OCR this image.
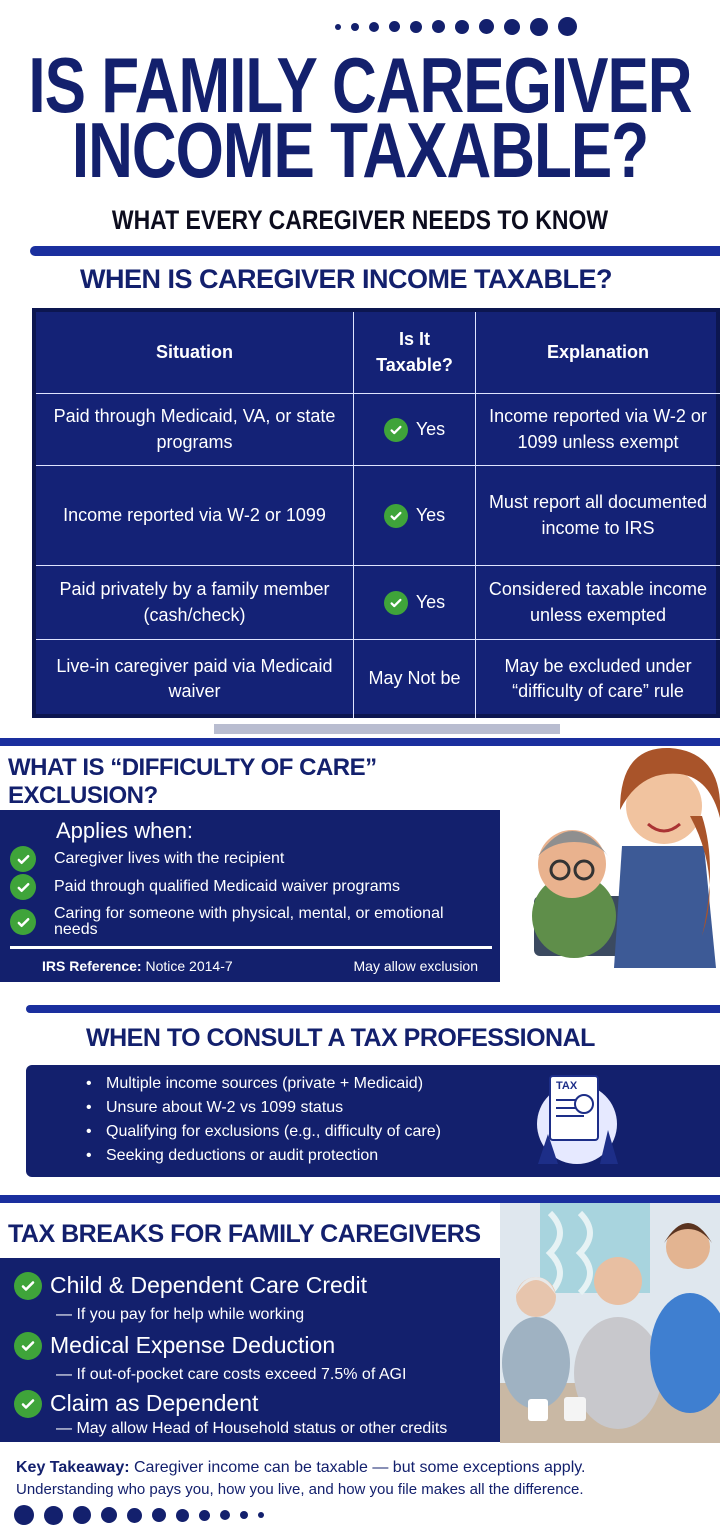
IS FAMILY CAREGIVER
INCOME TAXABLE?
WHAT EVERY CAREGIVER NEEDS TO KNOW
WHEN IS CAREGIVER INCOME TAXABLE?
Situation
Is It Taxable?
Explanation
Paid through Medicaid, VA, or state programs
Yes
Income reported via W-2 or 1099 unless exempt
Income reported via W-2 or 1099	Yes
Must report all documented income to IRS
Paid privately by a family member (cash/check)
Yes
Considered taxable income unless exempted
Live-in caregiver paid via Medicaid waiver
May Not be
May be excluded under “difficulty of care” rule
WHAT IS “DIFFICULTY OF CARE”
EXCLUSION?
Applies when:
Caregiver lives with the recipient
Paid through qualified Medicaid waiver programs
Caring for someone with physical, mental, or emotional needs
IRS Reference: Notice 2014-7	May allow exclusion
WHEN TO CONSULT A TAX PROFESSIONAL
• Multiple income sources (private + Medicaid)
• Unsure about W-2 vs 1099 status
• Qualifying for exclusions (e.g., difficulty of care)
• Seeking deductions or audit protection
TAX
TAX BREAKS FOR FAMILY CAREGIVERS
Child & Dependent Care Credit
— If you pay for help while working
Medical Expense Deduction
— If out-of-pocket care costs exceed 7.5% of AGI
Claim as Dependent
— May allow Head of Household status or other credits
Key Takeaway: Caregiver income can be taxable — but some exceptions apply.
Understanding who pays you, how you live, and how you file makes all the difference.
